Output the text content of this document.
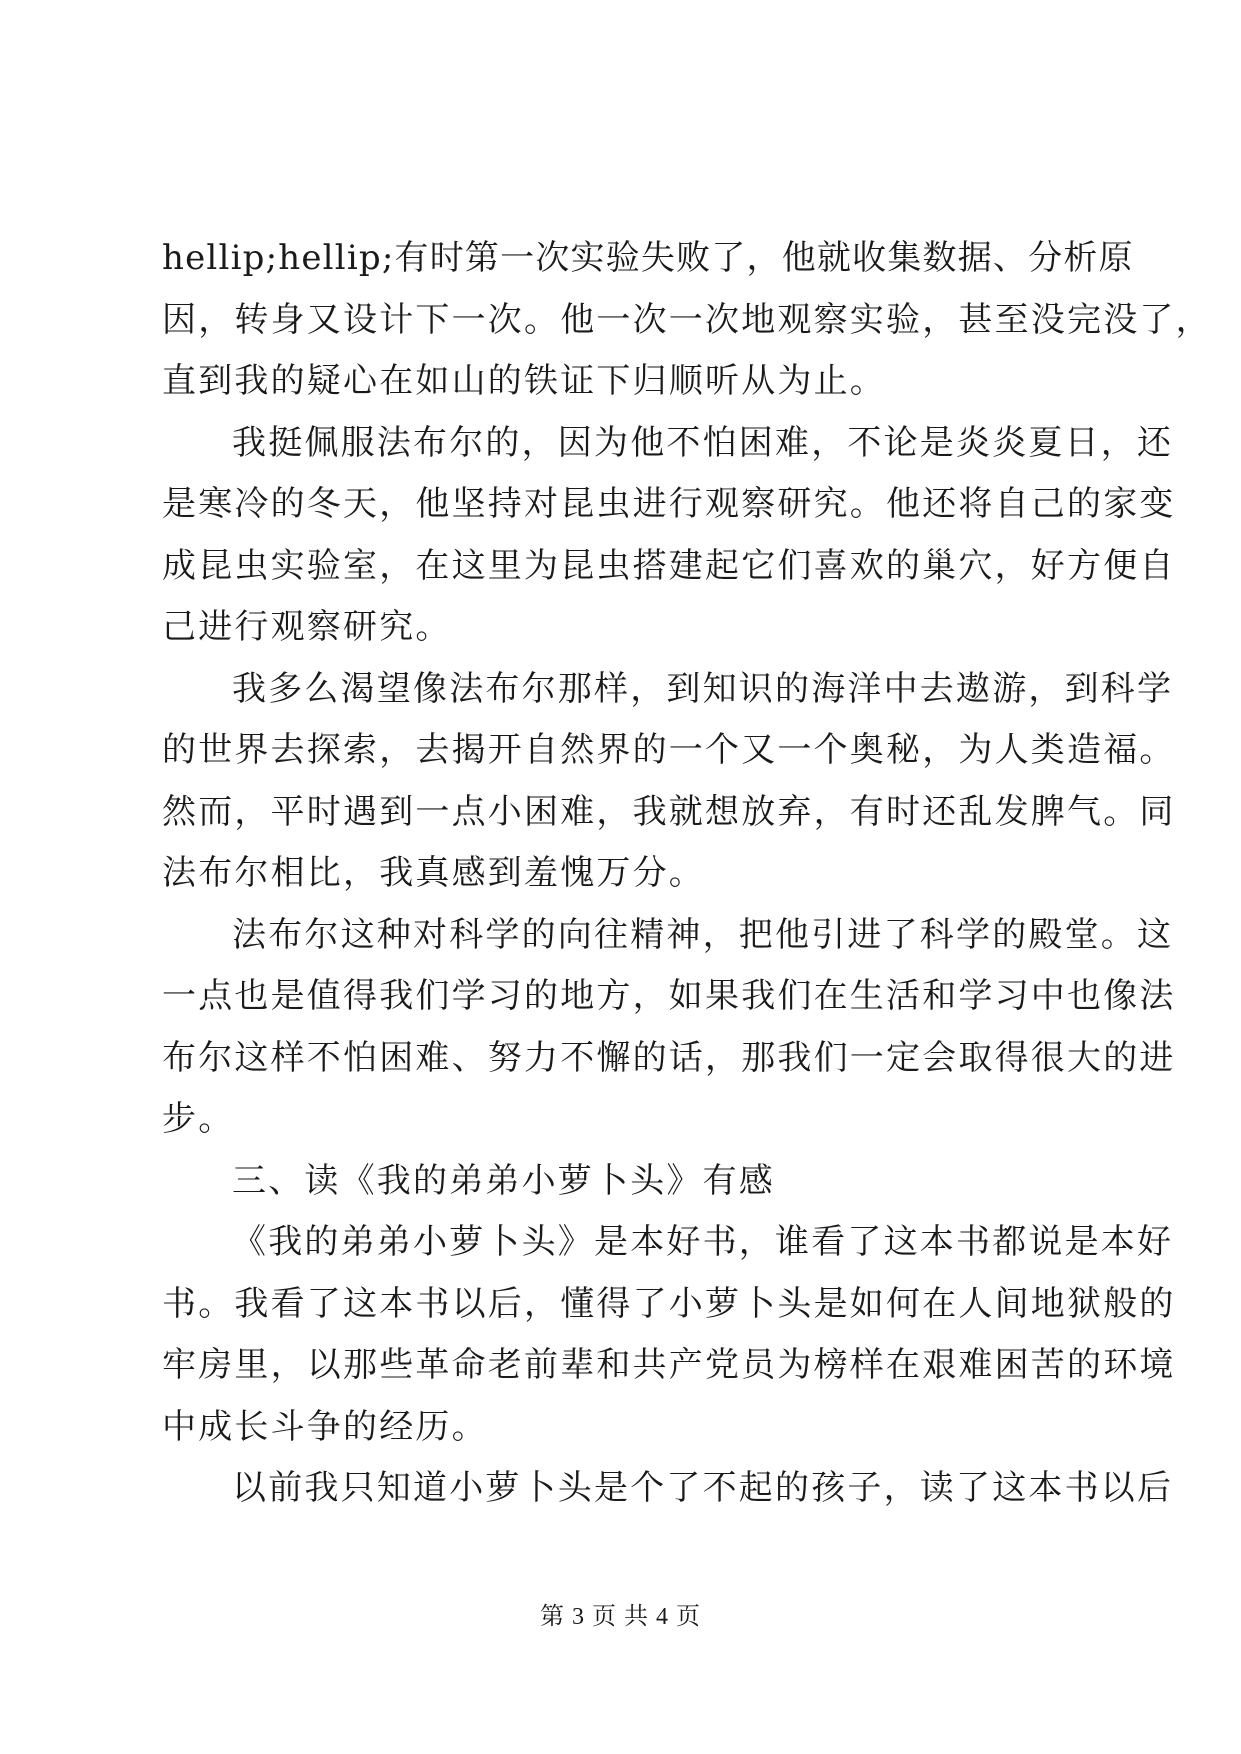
hellip;hellip;有时第一次实验失败了，他就收集数据、分析原
因，转身又设计下一次。他一次一次地观察实验，甚至没完没了，
直到我的疑心在如山的铁证下归顺听从为止。
我挺佩服法布尔的，因为他不怕困难，不论是炎炎夏日，还
是寒冷的冬天，他坚持对昆虫进行观察研究。他还将自己的家变
成昆虫实验室，在这里为昆虫搭建起它们喜欢的巢穴，好方便自
己进行观察研究。
我多么渴望像法布尔那样，到知识的海洋中去遨游，到科学
的世界去探索，去揭开自然界的一个又一个奥秘，为人类造福。
然而，平时遇到一点小困难，我就想放弃，有时还乱发脾气。同
法布尔相比，我真感到羞愧万分。
法布尔这种对科学的向往精神，把他引进了科学的殿堂。这
一点也是值得我们学习的地方，如果我们在生活和学习中也像法
布尔这样不怕困难、努力不懈的话，那我们一定会取得很大的进
步。
三、读《我的弟弟小萝卜头》有感
《我的弟弟小萝卜头》是本好书，谁看了这本书都说是本好
书。我看了这本书以后，懂得了小萝卜头是如何在人间地狱般的
牢房里，以那些革命老前辈和共产党员为榜样在艰难困苦的环境
中成长斗争的经历。
以前我只知道小萝卜头是个了不起的孩子，读了这本书以后
第 3 页 共 4 页
